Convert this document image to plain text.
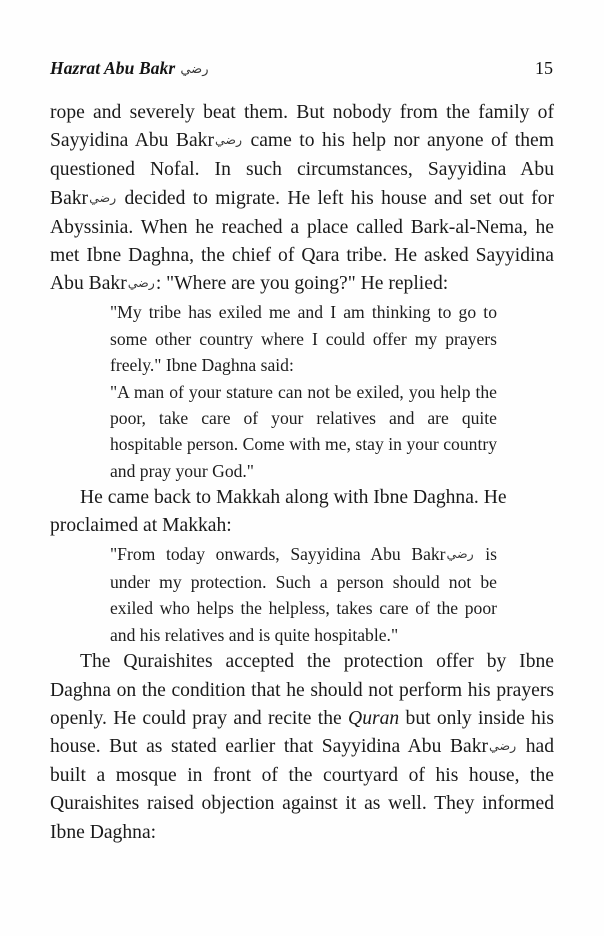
Hazrat Abu Bakr رضي	15

rope and severely beat them. But nobody from the family of Sayyidina Abu Bakrرضي came to his help nor anyone of them questioned Nofal. In such circumstances, Sayyidina Abu Bakrرضي decided to migrate. He left his house and set out for Abyssinia. When he reached a place called Bark-al-Nema, he met Ibne Daghna, the chief of Qara tribe. He asked Sayyidina Abu Bakrرضي: "Where are you going?" He replied:

"My tribe has exiled me and I am thinking to go to some other country where I could offer my prayers freely." Ibne Daghna said:

"A man of your stature can not be exiled, you help the poor, take care of your relatives and are quite hospitable person. Come with me, stay in your country and pray your God."

He came back to Makkah along with Ibne Daghna. He proclaimed at Makkah:

"From today onwards, Sayyidina Abu Bakrرضي is under my protection. Such a person should not be exiled who helps the helpless, takes care of the poor and his relatives and is quite hospitable."

The Quraishites accepted the protection offer by Ibne Daghna on the condition that he should not perform his prayers openly. He could pray and recite the Quran but only inside his house. But as stated earlier that Sayyidina Abu Bakrرضي had built a mosque in front of the courtyard of his house, the Quraishites raised objection against it as well. They informed Ibne Daghna:
